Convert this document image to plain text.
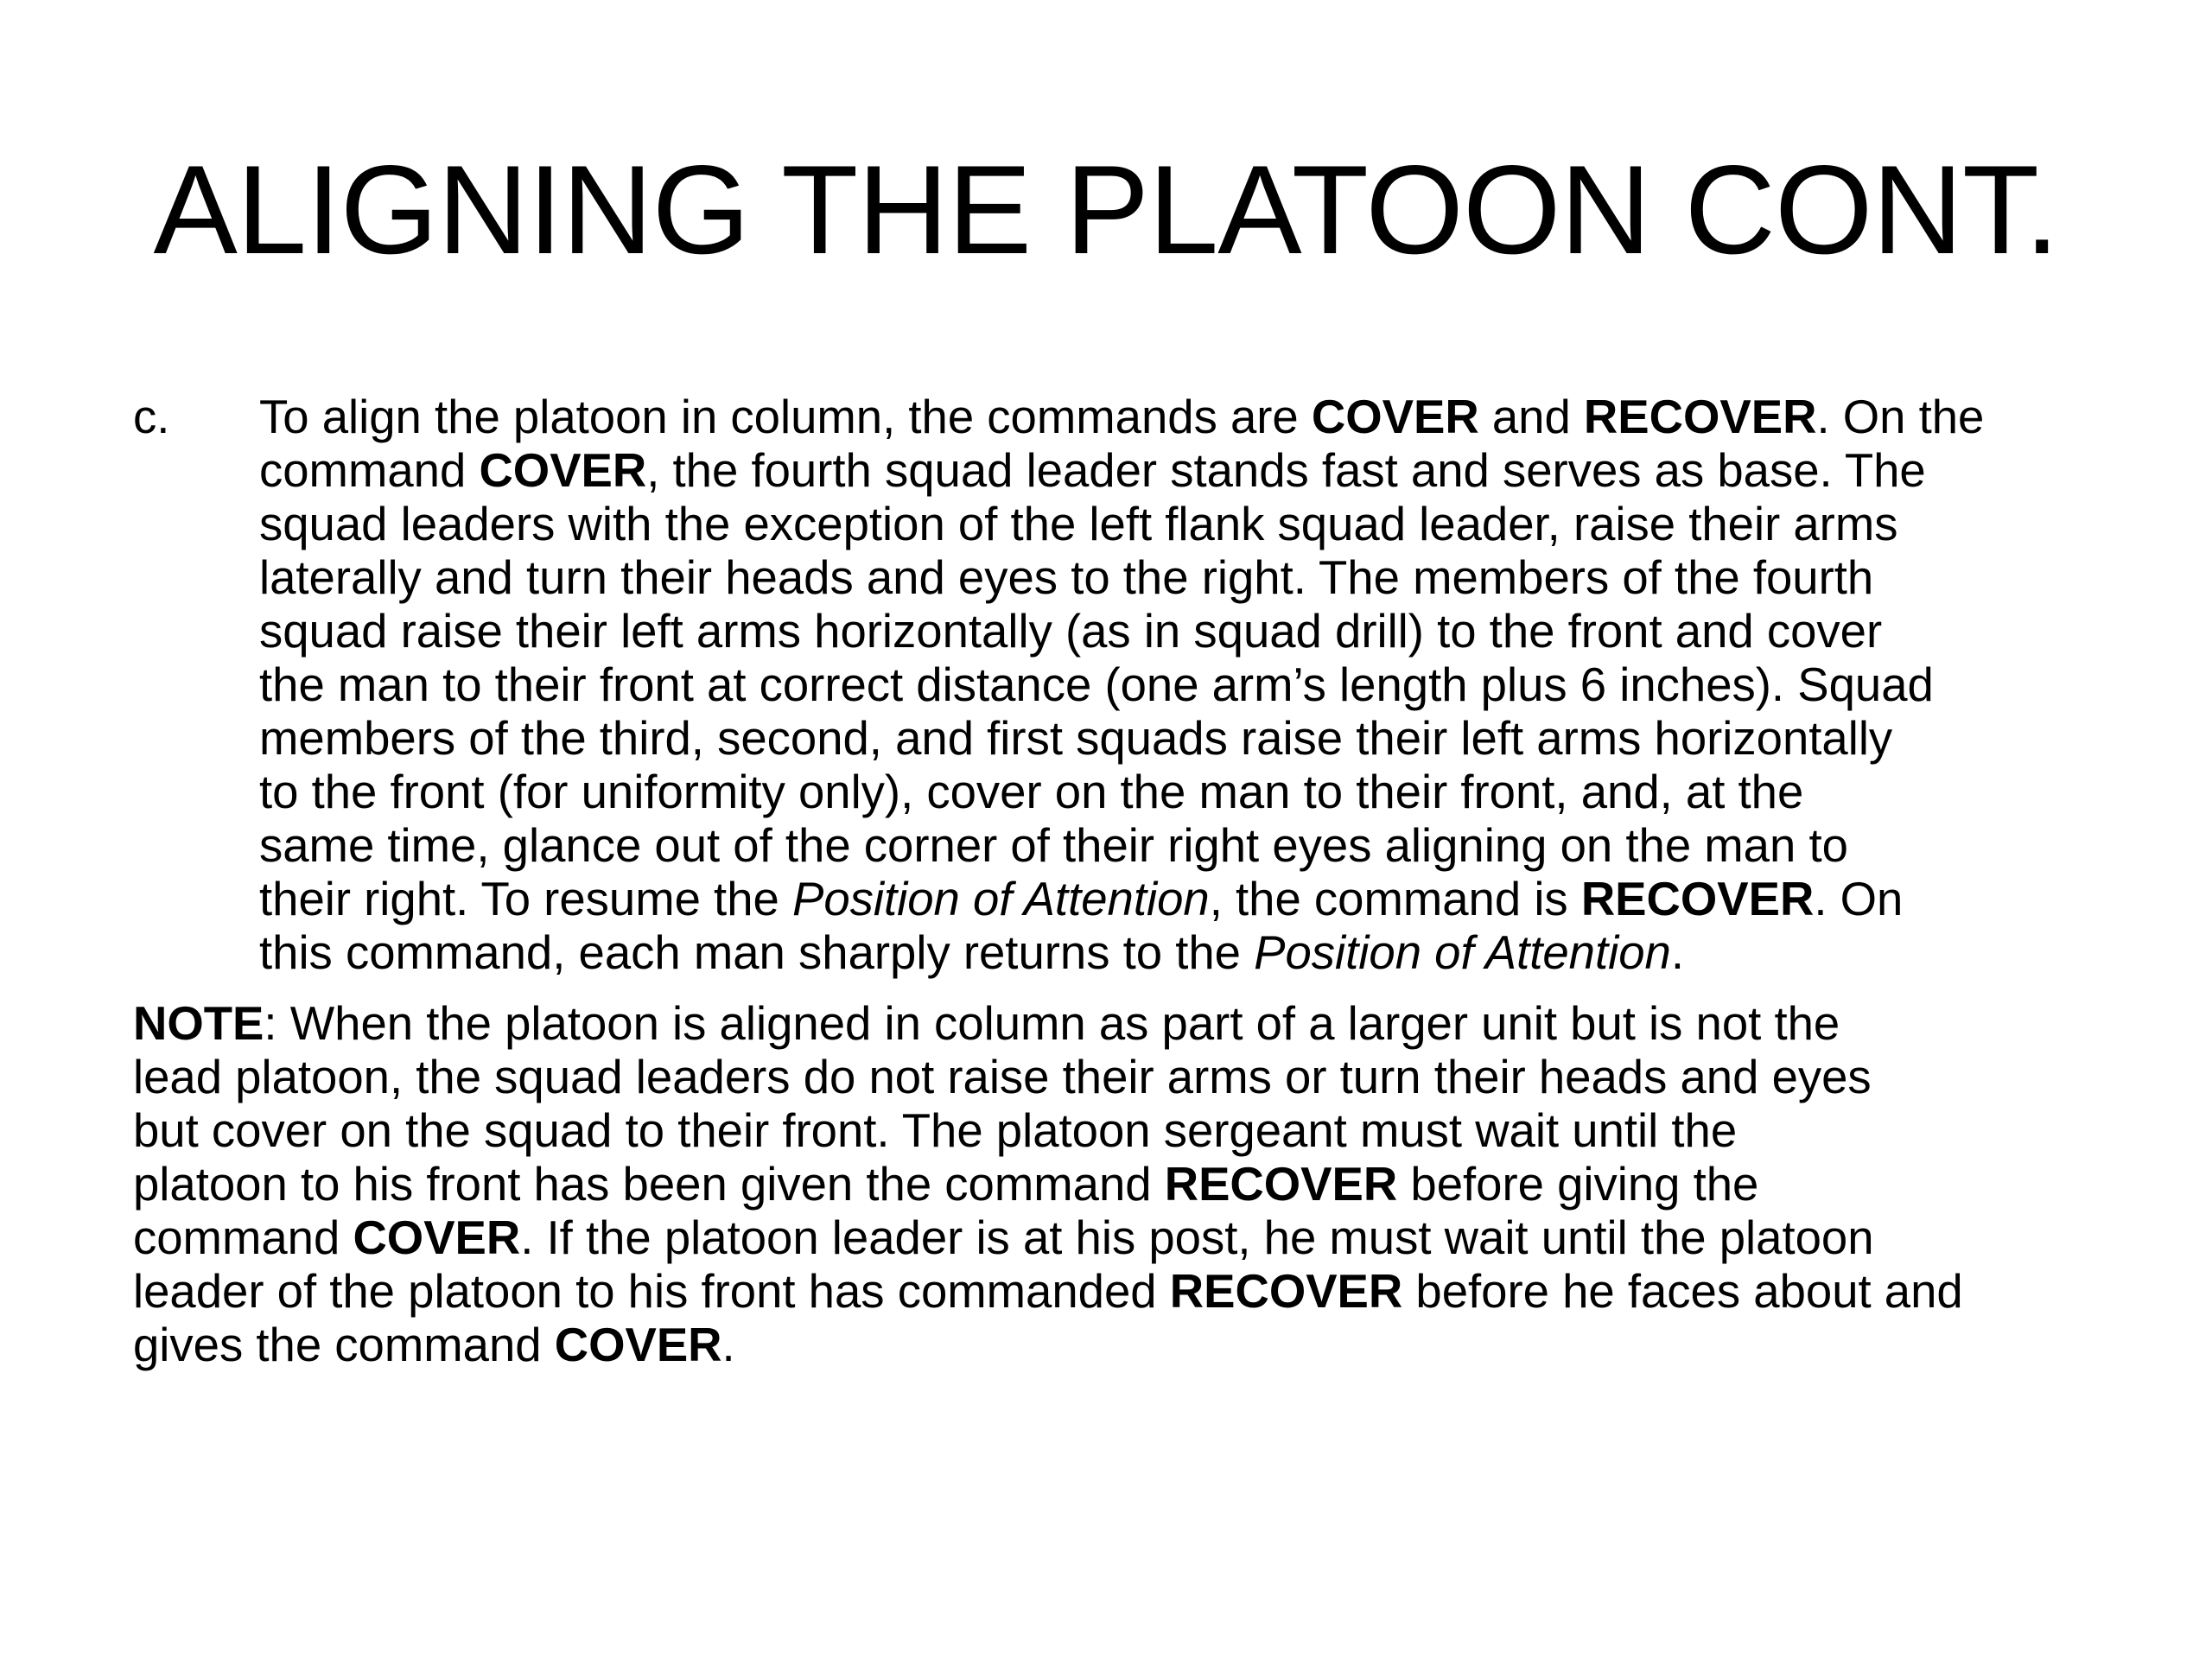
ALIGNING THE PLATOON CONT.
c. To align the platoon in column, the commands are COVER and RECOVER. On the
command COVER, the fourth squad leader stands fast and serves as base. The
squad leaders with the exception of the left flank squad leader, raise their arms
laterally and turn their heads and eyes to the right. The members of the fourth
squad raise their left arms horizontally (as in squad drill) to the front and cover
the man to their front at correct distance (one arm’s length plus 6 inches). Squad
members of the third, second, and first squads raise their left arms horizontally
to the front (for uniformity only), cover on the man to their front, and, at the
same time, glance out of the corner of their right eyes aligning on the man to
their right. To resume the Position of Attention, the command is RECOVER. On
this command, each man sharply returns to the Position of Attention.
NOTE: When the platoon is aligned in column as part of a larger unit but is not the
lead platoon, the squad leaders do not raise their arms or turn their heads and eyes
but cover on the squad to their front. The platoon sergeant must wait until the
platoon to his front has been given the command RECOVER before giving the
command COVER. If the platoon leader is at his post, he must wait until the platoon
leader of the platoon to his front has commanded RECOVER before he faces about and
gives the command COVER.
